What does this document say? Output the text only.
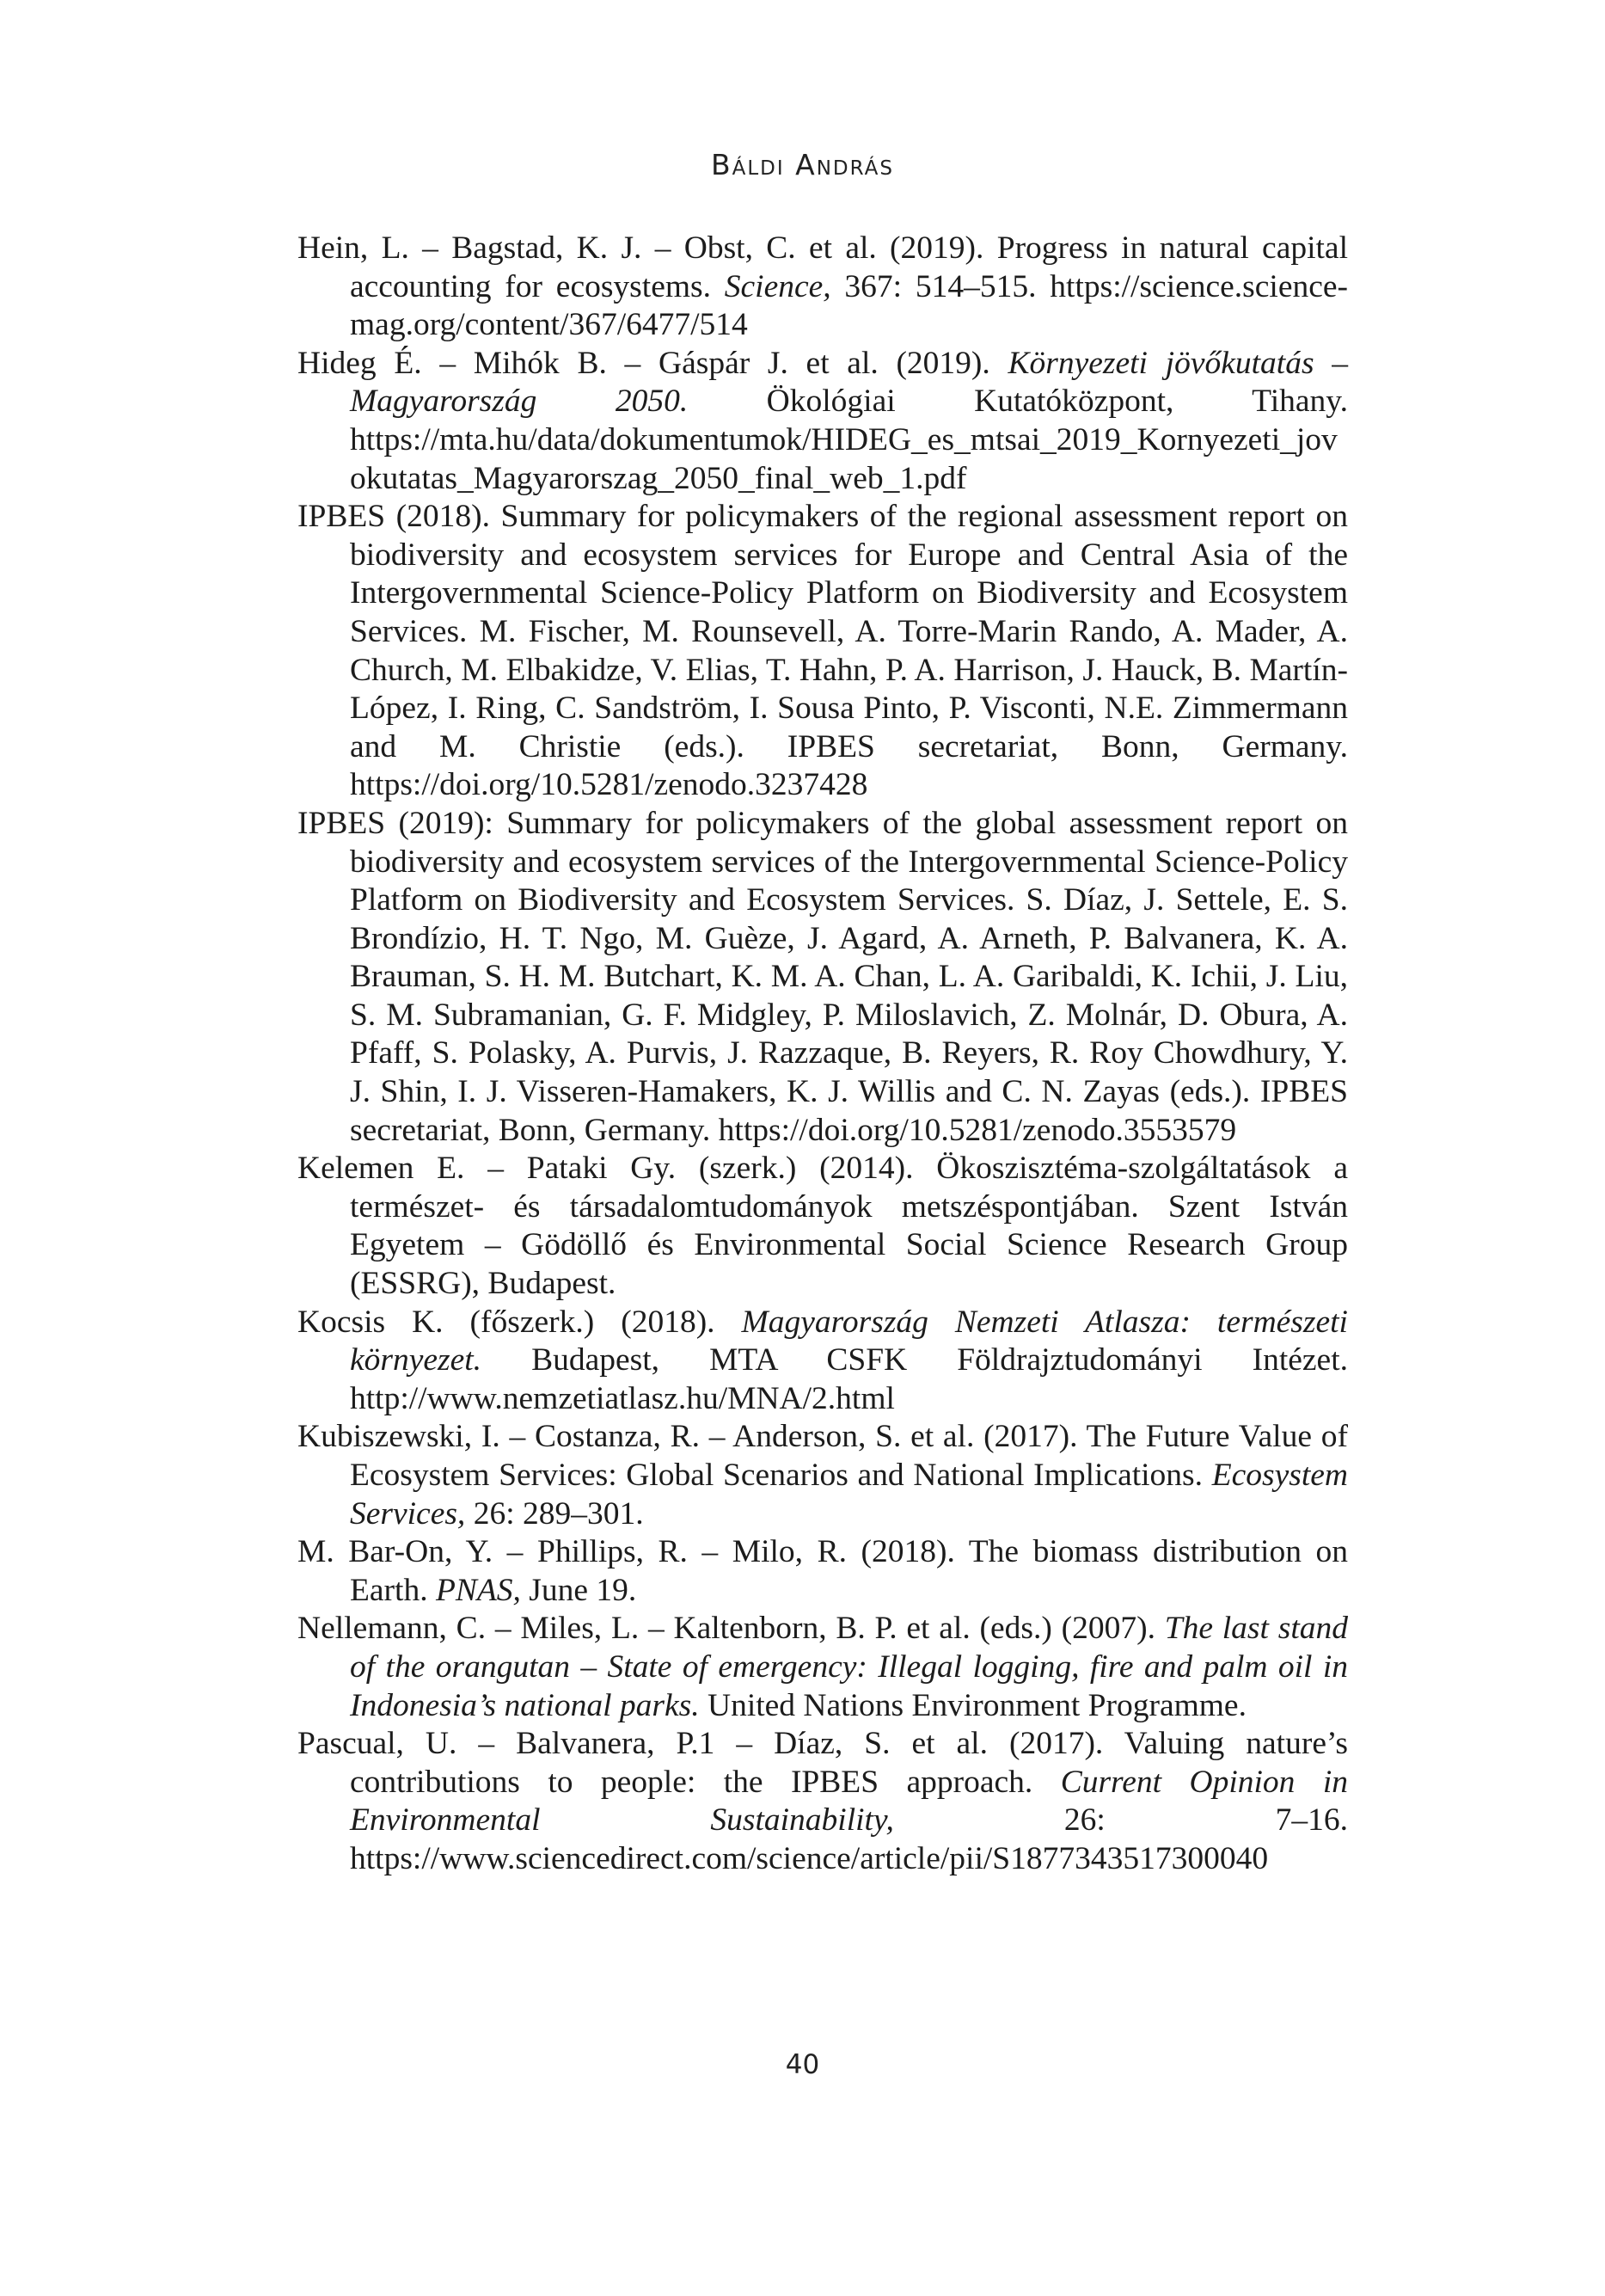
Báldi András

Hein, L. – Bagstad, K. J. – Obst, C. et al. (2019). Progress in natural capital accounting for ecosystems. Science, 367: 514–515. https://science.science-mag.org/content/367/6477/514

Hideg É. – Mihók B. – Gáspár J. et al. (2019). Környezeti jövőkutatás – Magyarország 2050. Ökológiai Kutatóközpont, Tihany. https://mta.hu/data/dokumentumok/HIDEG_es_mtsai_2019_Kornyezeti_jovokutatas_Magyarorszag_2050_final_web_1.pdf

IPBES (2018). Summary for policymakers of the regional assessment report on biodiversity and ecosystem services for Europe and Central Asia of the Intergovernmental Science-Policy Platform on Biodiversity and Ecosystem Services. M. Fischer, M. Rounsevell, A. Torre-Marin Rando, A. Mader, A. Church, M. Elbakidze, V. Elias, T. Hahn, P. A. Harrison, J. Hauck, B. Martín-López, I. Ring, C. Sandström, I. Sousa Pinto, P. Visconti, N.E. Zimmermann and M. Christie (eds.). IPBES secretariat, Bonn, Germany. https://doi.org/10.5281/zenodo.3237428

IPBES (2019): Summary for policymakers of the global assessment report on biodiversity and ecosystem services of the Intergovernmental Science-Policy Platform on Biodiversity and Ecosystem Services. S. Díaz, J. Settele, E. S. Brondízio, H. T. Ngo, M. Guèze, J. Agard, A. Arneth, P. Balvanera, K. A. Brauman, S. H. M. Butchart, K. M. A. Chan, L. A. Garibaldi, K. Ichii, J. Liu, S. M. Subramanian, G. F. Midgley, P. Miloslavich, Z. Molnár, D. Obura, A. Pfaff, S. Polasky, A. Purvis, J. Razzaque, B. Reyers, R. Roy Chowdhury, Y. J. Shin, I. J. Visseren-Hamakers, K. J. Willis and C. N. Zayas (eds.). IPBES secretariat, Bonn, Germany. https://doi.org/10.5281/zenodo.3553579

Kelemen E. – Pataki Gy. (szerk.) (2014). Ökoszisztéma-szolgáltatások a természet- és társadalomtudományok metszéspontjában. Szent István Egyetem – Gödöllő és Environmental Social Science Research Group (ESSRG), Budapest.

Kocsis K. (főszerk.) (2018). Magyarország Nemzeti Atlasza: természeti környezet. Budapest, MTA CSFK Földrajztudományi Intézet. http://www.nemzetiatlasz.hu/MNA/2.html

Kubiszewski, I. – Costanza, R. – Anderson, S. et al. (2017). The Future Value of Ecosystem Services: Global Scenarios and National Implications. Ecosystem Services, 26: 289–301.

M. Bar-On, Y. – Phillips, R. – Milo, R. (2018). The biomass distribution on Earth. PNAS, June 19.

Nellemann, C. – Miles, L. – Kaltenborn, B. P. et al. (eds.) (2007). The last stand of the orangutan – State of emergency: Illegal logging, fire and palm oil in Indonesia’s national parks. United Nations Environment Programme.

Pascual, U. – Balvanera, P.1 – Díaz, S. et al. (2017). Valuing nature’s contributions to people: the IPBES approach. Current Opinion in Environmental Sustainability, 26: 7–16. https://www.sciencedirect.com/science/article/pii/S1877343517300040

40
